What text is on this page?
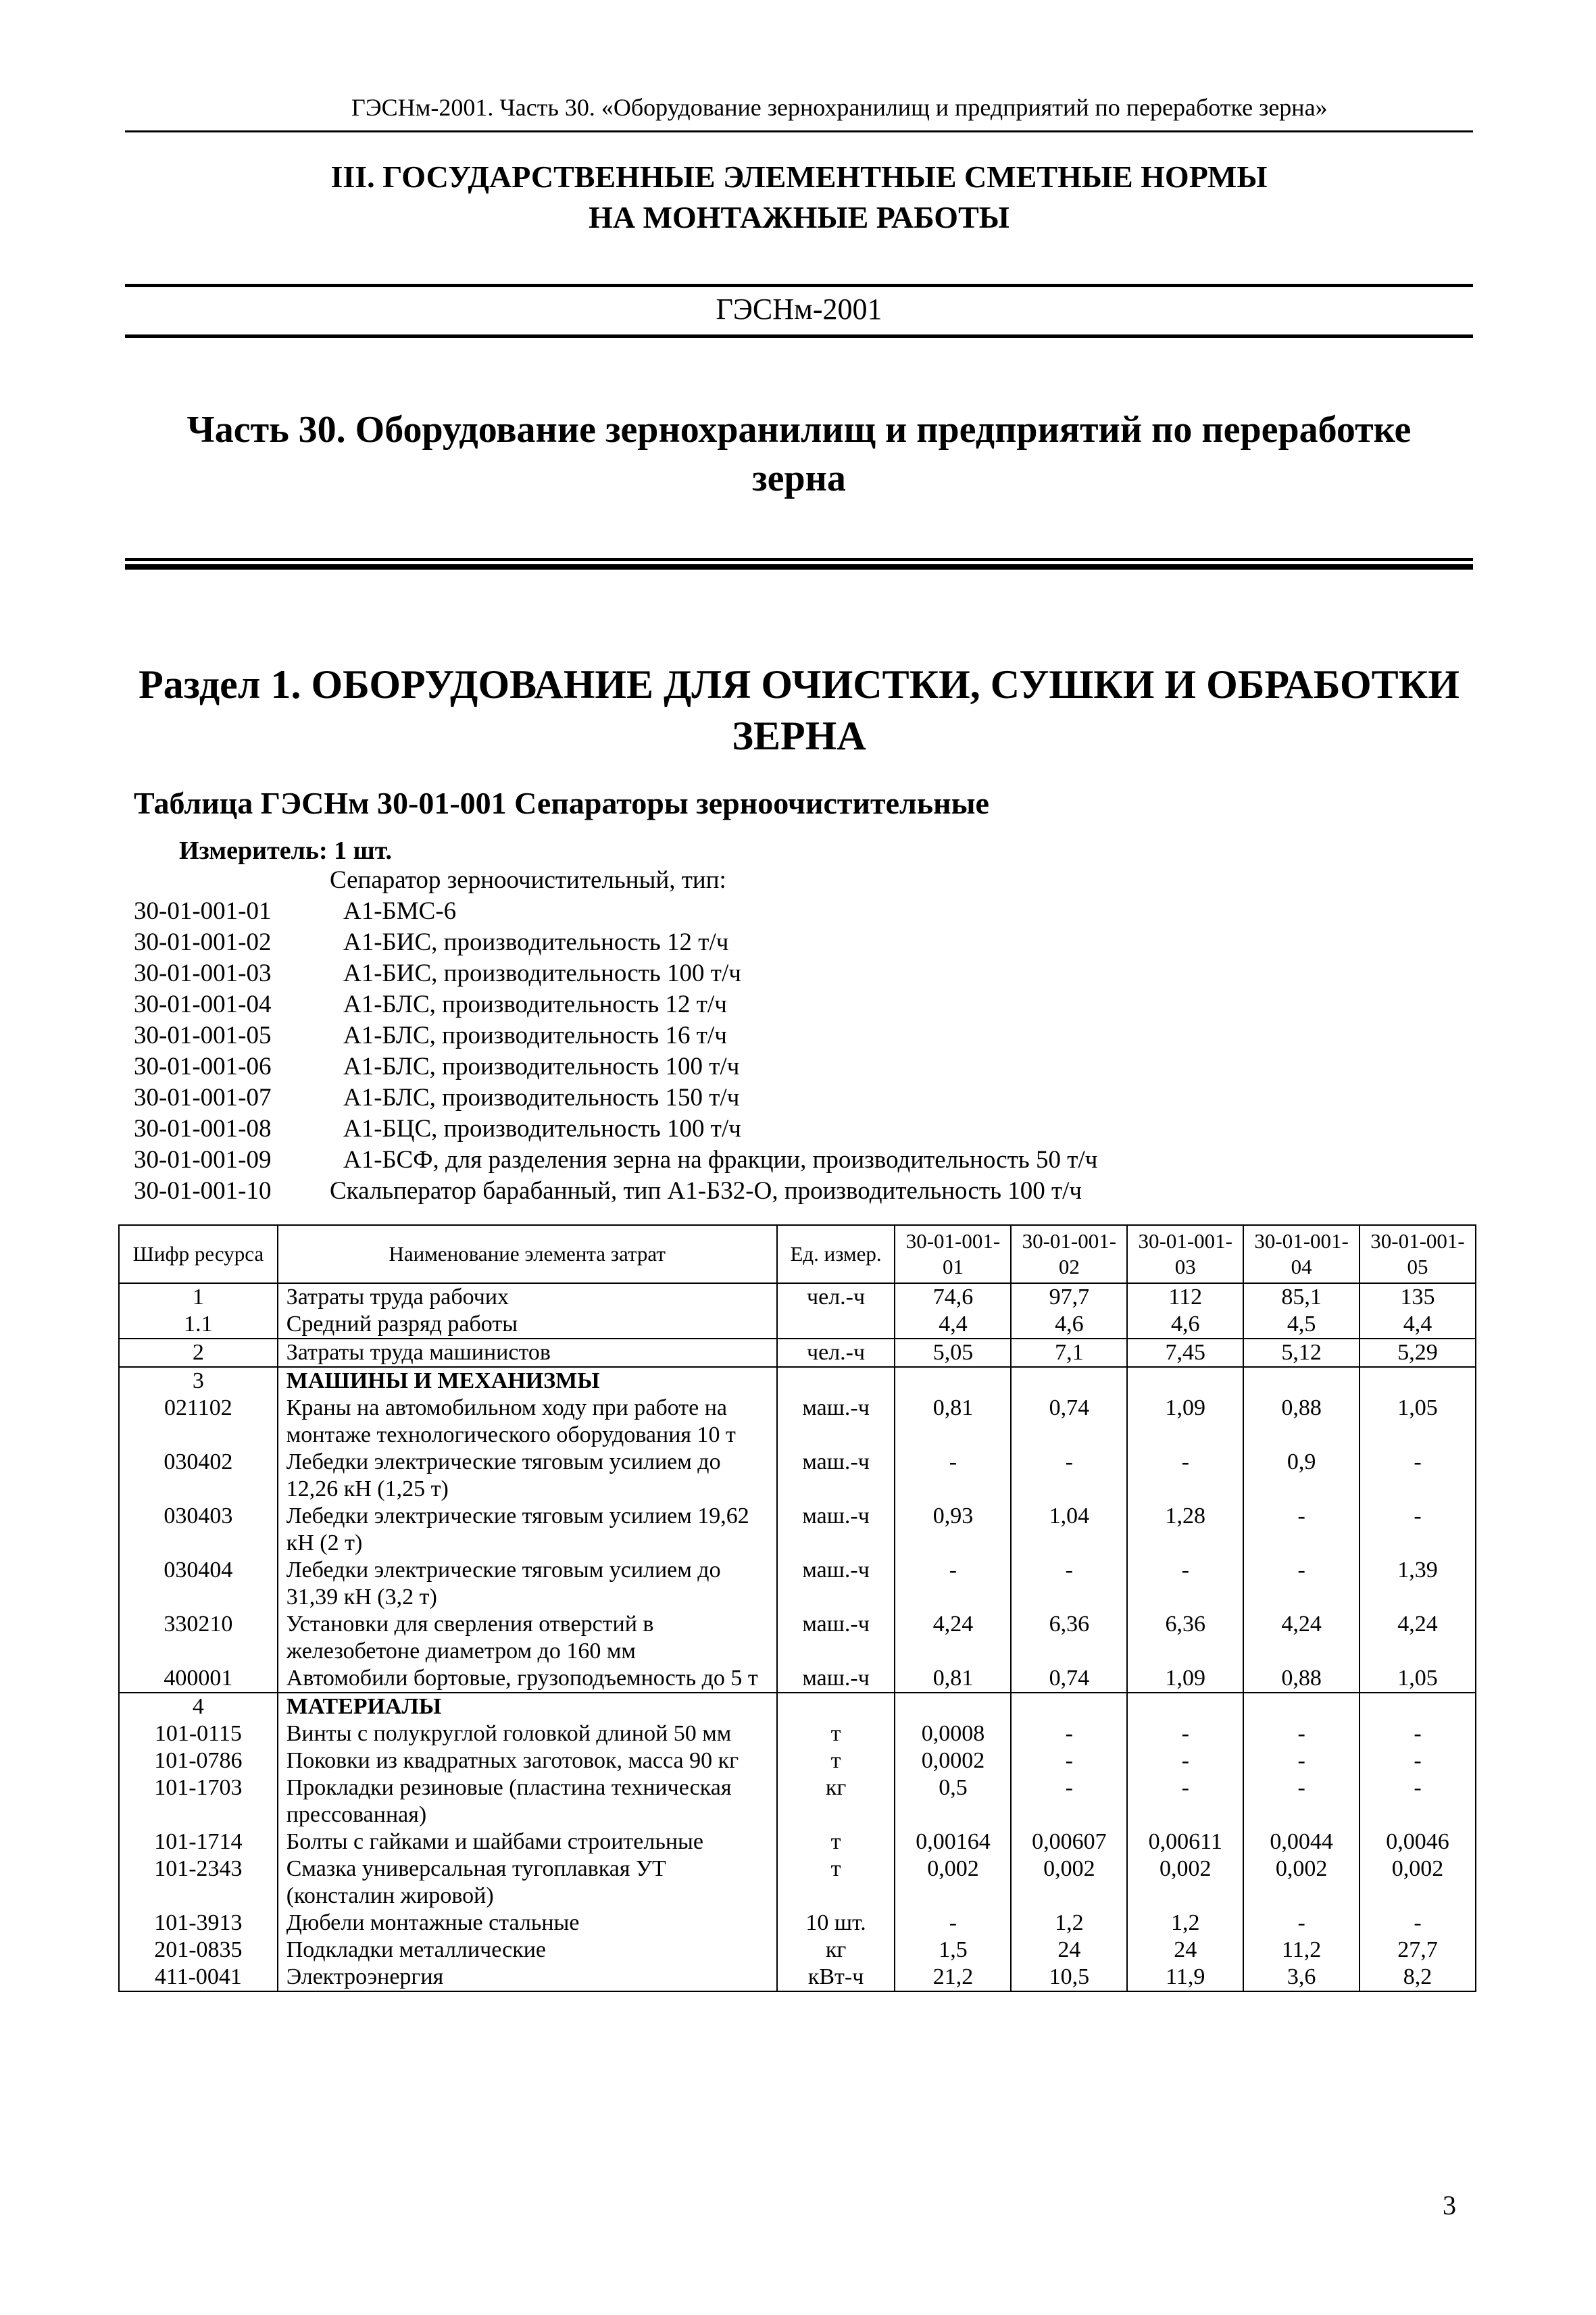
ГЭСНм-2001. Часть 30. «Оборудование зернохранилищ и предприятий по переработке зерна»
III. ГОСУДАРСТВЕННЫЕ ЭЛЕМЕНТНЫЕ СМЕТНЫЕ НОРМЫ
НА МОНТАЖНЫЕ РАБОТЫ
ГЭСНм-2001
Часть 30. Оборудование зернохранилищ и предприятий по переработке
зерна
Раздел 1. ОБОРУДОВАНИЕ ДЛЯ ОЧИСТКИ, СУШКИ И ОБРАБОТКИ
ЗЕРНА
Таблица ГЭСНм 30-01-001 Сепараторы зерноочистительные
Измеритель: 1 шт.
Сепаратор зерноочистительный, тип:
30-01-001-01	А1-БМС-6
30-01-001-02	А1-БИС, производительность 12 т/ч
30-01-001-03	А1-БИС, производительность 100 т/ч
30-01-001-04	А1-БЛС, производительность 12 т/ч
30-01-001-05	А1-БЛС, производительность 16 т/ч
30-01-001-06	А1-БЛС, производительность 100 т/ч
30-01-001-07	А1-БЛС, производительность 150 т/ч
30-01-001-08	А1-БЦС, производительность 100 т/ч
30-01-001-09	А1-БСФ, для разделения зерна на фракции, производительность 50 т/ч
30-01-001-10	Скальператор барабанный, тип А1-Б32-О, производительность 100 т/ч
Шифр ресурса	Наименование элемента затрат	Ед. измер.	30-01-001-01	30-01-001-02	30-01-001-03	30-01-001-04	30-01-001-05
1	Затраты труда рабочих	чел.-ч	74,6	97,7	112	85,1	135
1.1	Средний разряд работы		4,4	4,6	4,6	4,5	4,4
2	Затраты труда машинистов	чел.-ч	5,05	7,1	7,45	5,12	5,29
3	МАШИНЫ И МЕХАНИЗМЫ						
021102	Краны на автомобильном ходу при работе на монтаже технологического оборудования 10 т	маш.-ч	0,81	0,74	1,09	0,88	1,05
030402	Лебедки электрические тяговым усилием до 12,26 кН (1,25 т)	маш.-ч	-	-	-	0,9	-
030403	Лебедки электрические тяговым усилием 19,62 кН (2 т)	маш.-ч	0,93	1,04	1,28	-	-
030404	Лебедки электрические тяговым усилием до 31,39 кН (3,2 т)	маш.-ч	-	-	-	-	1,39
330210	Установки для сверления отверстий в железобетоне диаметром до 160 мм	маш.-ч	4,24	6,36	6,36	4,24	4,24
400001	Автомобили бортовые, грузоподъемность до 5 т	маш.-ч	0,81	0,74	1,09	0,88	1,05
4	МАТЕРИАЛЫ						
101-0115	Винты с полукруглой головкой длиной 50 мм	т	0,0008	-	-	-	-
101-0786	Поковки из квадратных заготовок, масса 90 кг	т	0,0002	-	-	-	-
101-1703	Прокладки резиновые (пластина техническая прессованная)	кг	0,5	-	-	-	-
101-1714	Болты с гайками и шайбами строительные	т	0,00164	0,00607	0,00611	0,0044	0,0046
101-2343	Смазка универсальная тугоплавкая УТ (консталин жировой)	т	0,002	0,002	0,002	0,002	0,002
101-3913	Дюбели монтажные стальные	10 шт.	-	1,2	1,2	-	-
201-0835	Подкладки металлические	кг	1,5	24	24	11,2	27,7
411-0041	Электроэнергия	кВт-ч	21,2	10,5	11,9	3,6	8,2
3
